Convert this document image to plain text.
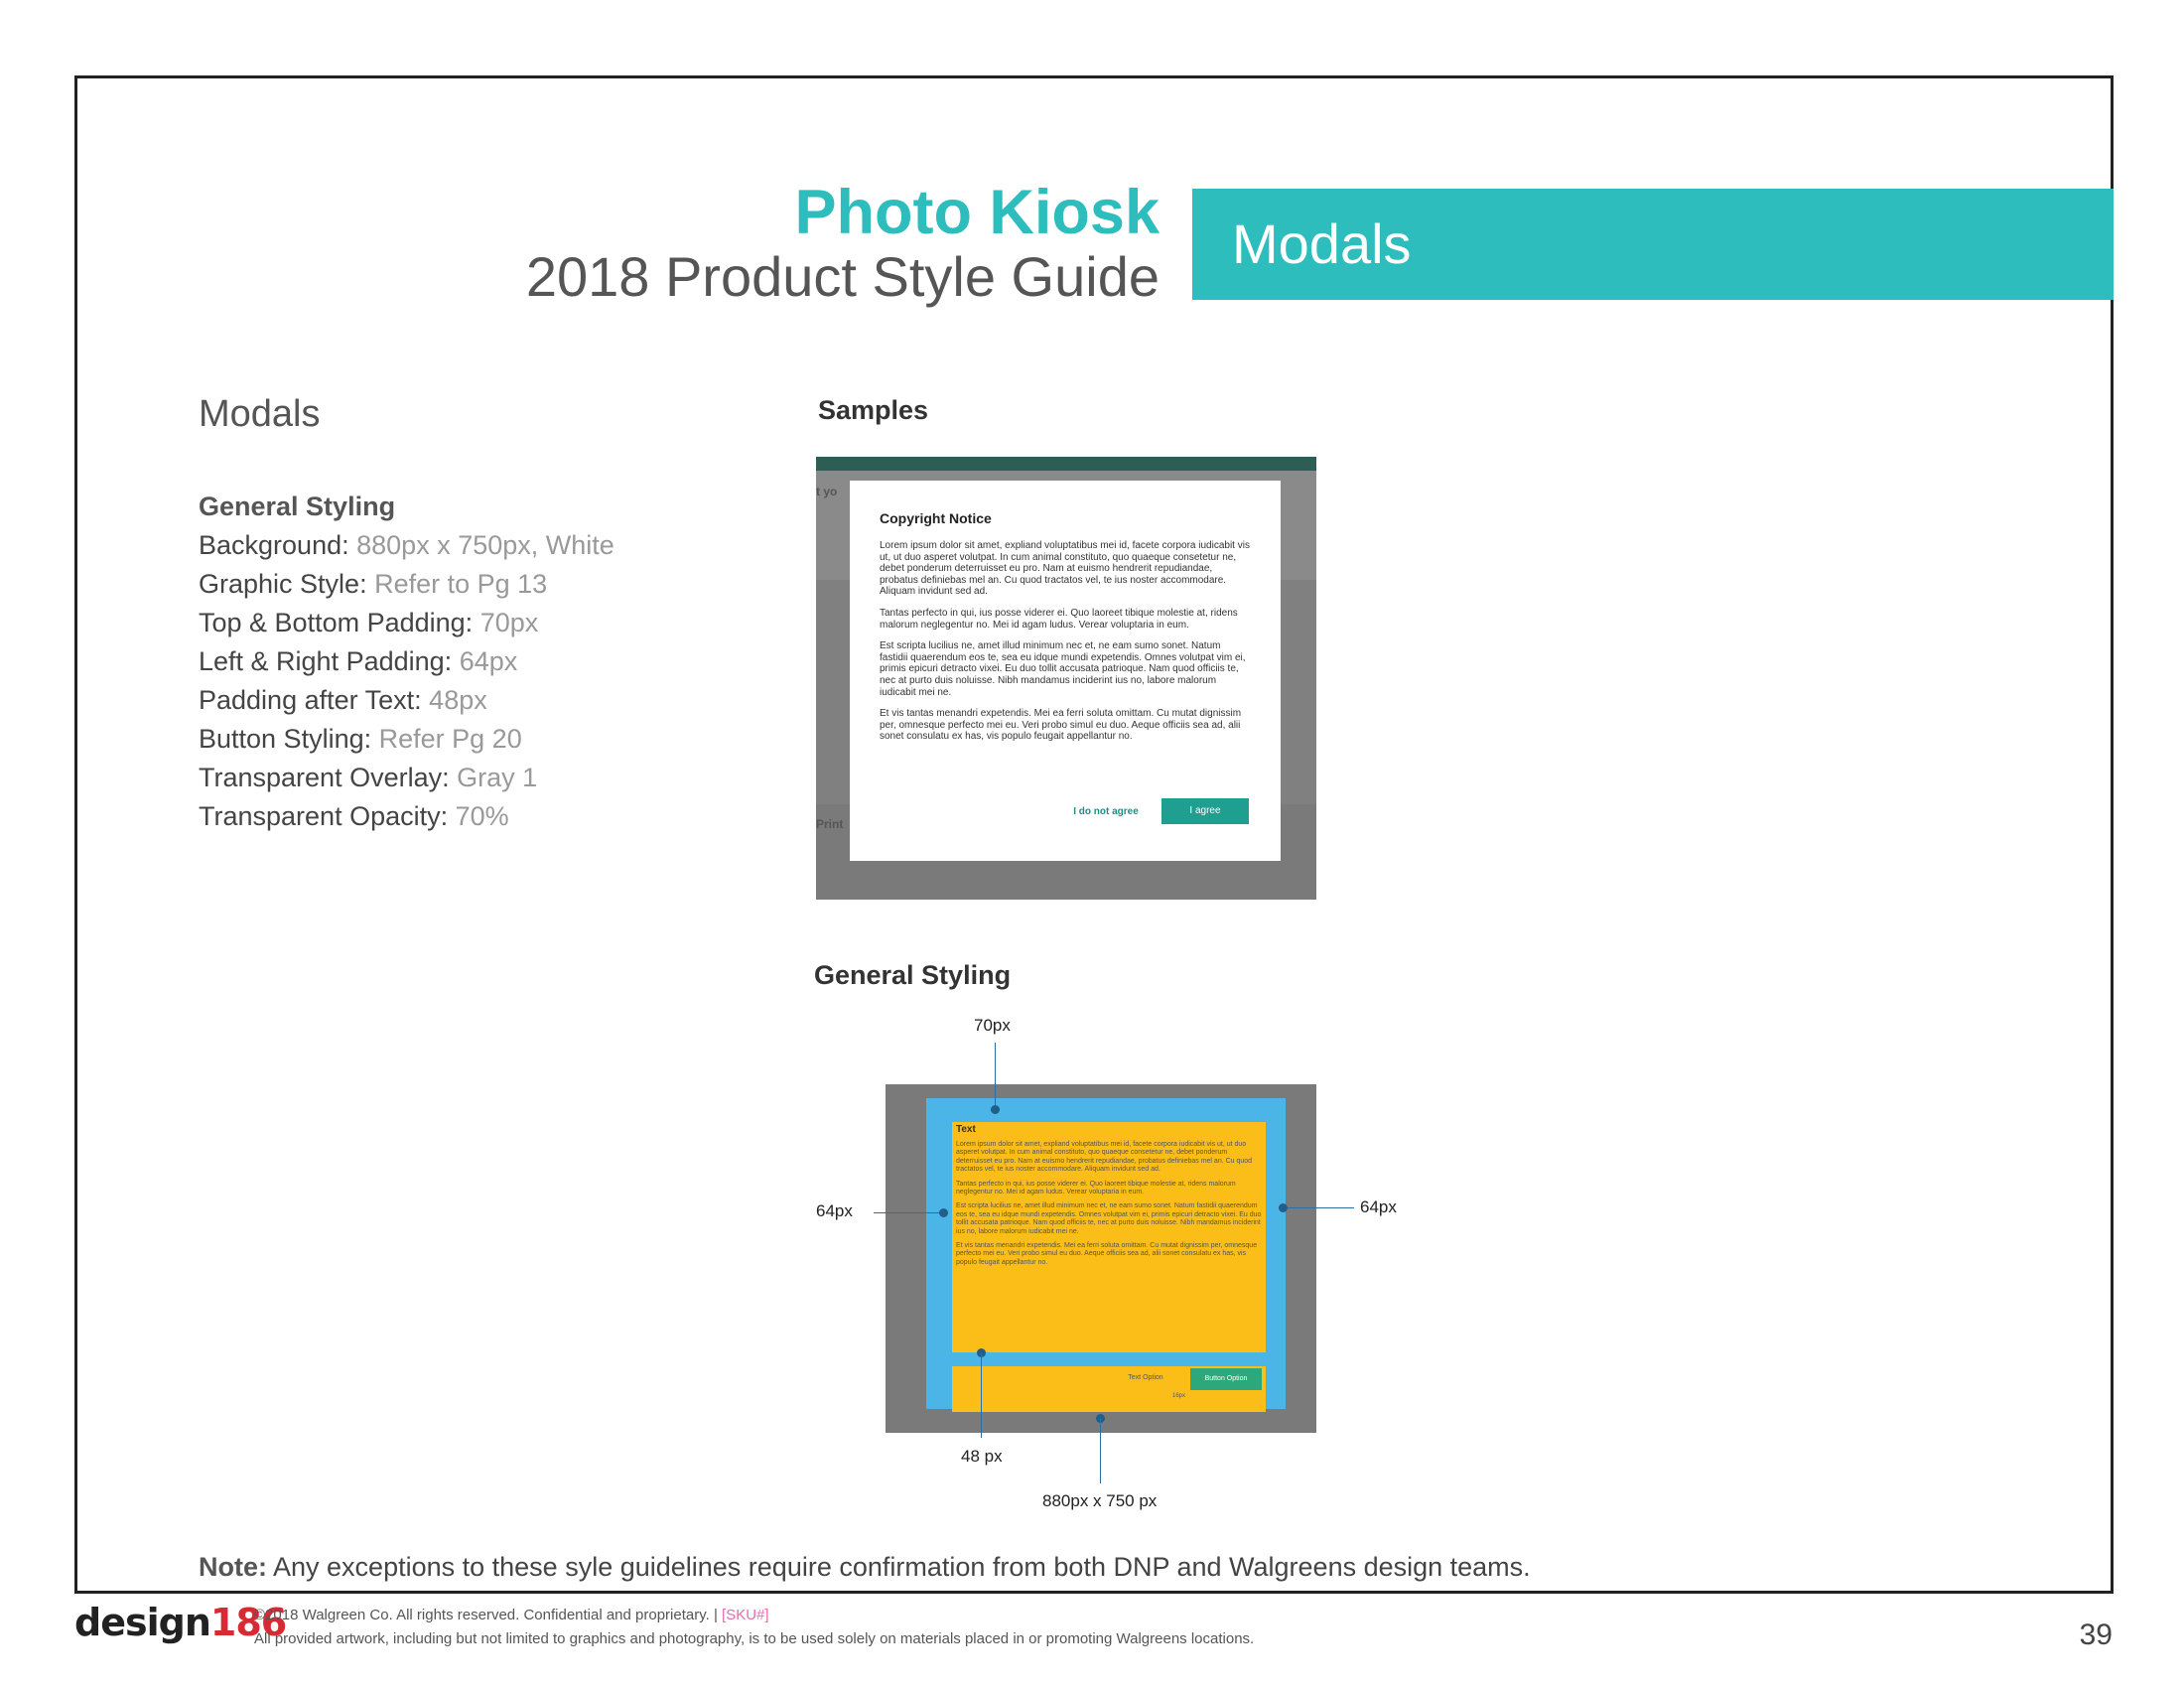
Photo Kiosk
2018 Product Style Guide
Modals
Modals
General Styling
Background: 880px x 750px, White
Graphic Style: Refer to Pg 13
Top & Bottom Padding: 70px
Left & Right Padding: 64px
Padding after Text: 48px
Button Styling: Refer Pg 20
Transparent Overlay: Gray 1
Transparent Opacity: 70%
Samples
t yo
Print
Copyright Notice
Lorem ipsum dolor sit amet, expliand voluptatibus mei id, facete corpora iudicabit vis ut, ut duo asperet volutpat. In cum animal constituto, quo quaeque consetetur ne, debet ponderum deterruisset eu pro. Nam at euismo hendrerit repudiandae, probatus definiebas mel an. Cu quod tractatos vel, te ius noster accommodare. Aliquam invidunt sed ad.
Tantas perfecto in qui, ius posse viderer ei. Quo laoreet tibique molestie at, ridens malorum neglegentur no. Mei id agam ludus. Verear voluptaria in eum.
Est scripta lucilius ne, amet illud minimum nec et, ne eam sumo sonet. Natum fastidii quaerendum eos te, sea eu idque mundi expetendis. Omnes volutpat vim ei, primis epicuri detracto vixei. Eu duo tollit accusata patrioque. Nam quod officiis te, nec at purto duis noluisse. Nibh mandamus inciderint ius no, labore malorum iudicabit mei ne.
Et vis tantas menandri expetendis. Mei ea ferri soluta omittam. Cu mutat dignissim per, omnesque perfecto mei eu. Veri probo simul eu duo. Aeque officiis sea ad, alii sonet consulatu ex has, vis populo feugait appellantur no.
I do not agree	I agree
General Styling
Text
Lorem ipsum dolor sit amet, expliand voluptatibus mei id, facete corpora iudicabit vis ut, ut duo asperet volutpat. In cum animal constituto, quo quaeque consetetur ne, debet ponderum deterruisset eu pro. Nam at euismo hendrerit repudiandae, probatus definiebas mel an. Cu quod tractatos vel, te ius noster accommodare. Aliquam invidunt sed ad.
Tantas perfecto in qui, ius posse viderer ei. Quo laoreet tibique molestie at, ridens malorum neglegentur no. Mei id agam ludus. Verear voluptaria in eum.
Est scripta lucilius ne, amet illud minimum nec et, ne eam sumo sonet. Natum fastidii quaerendum eos te, sea eu idque mundi expetendis. Omnes volutpat vim ei, primis epicuri detracto vixei. Eu duo tollit accusata patrioque. Nam quod officiis te, nec at purto duis noluisse. Nibh mandamus inciderint ius no, labore malorum iudicabit mei ne.
Et vis tantas menandri expetendis. Mei ea ferri soluta omittam. Cu mutat dignissim per, omnesque perfecto mei eu. Veri probo simul eu duo. Aeque officiis sea ad, alii sonet consulatu ex has, vis populo feugait appellantur no.
Text Option	Button Option
16px
70px
64px	64px
48 px
880px x 750 px
Note: Any exceptions to these syle guidelines require confirmation from both DNP and Walgreens design teams.
design186
©2018 Walgreen Co. All rights reserved. Confidential and proprietary. | [SKU#]
All provided artwork, including but not limited to graphics and photography, is to be used solely on materials placed in or promoting Walgreens locations.	39
